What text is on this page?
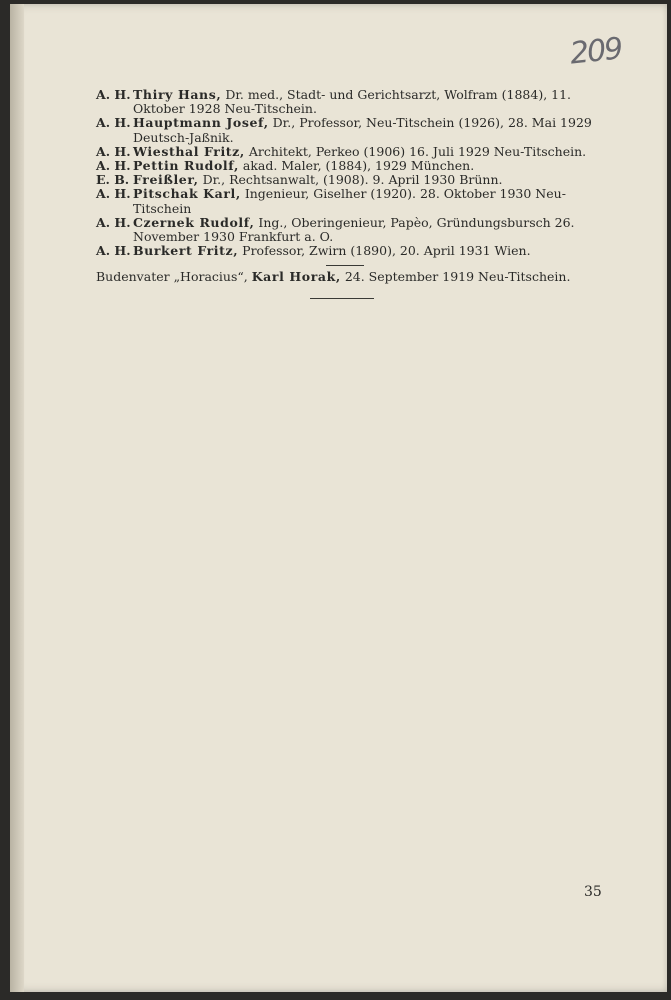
209
A. H. Thiry Hans, Dr. med., Stadt- und Gerichtsarzt, Wolfram (1884), 11. Oktober 1928 Neu-Titschein.
A. H. Hauptmann Josef, Dr., Professor, Neu-Titschein (1926), 28. Mai 1929 Deutsch-Jaßnik.
A. H. Wiesthal Fritz, Architekt, Perkeo (1906) 16. Juli 1929 Neu-Titschein.
A. H. Pettin Rudolf, akad. Maler, (1884), 1929 München.
E. B. Freißler, Dr., Rechtsanwalt, (1908). 9. April 1930 Brünn.
A. H. Pitschak Karl, Ingenieur, Giselher (1920). 28. Oktober 1930 Neu-Titschein
A. H. Czernek Rudolf, Ing., Oberingenieur, Papèo, Gründungsbursch 26. November 1930 Frankfurt a. O.
A. H. Burkert Fritz, Professor, Zwirn (1890), 20. April 1931 Wien.
Budenvater „Horacius“, Karl Horak, 24. September 1919 Neu-Titschein.
35
